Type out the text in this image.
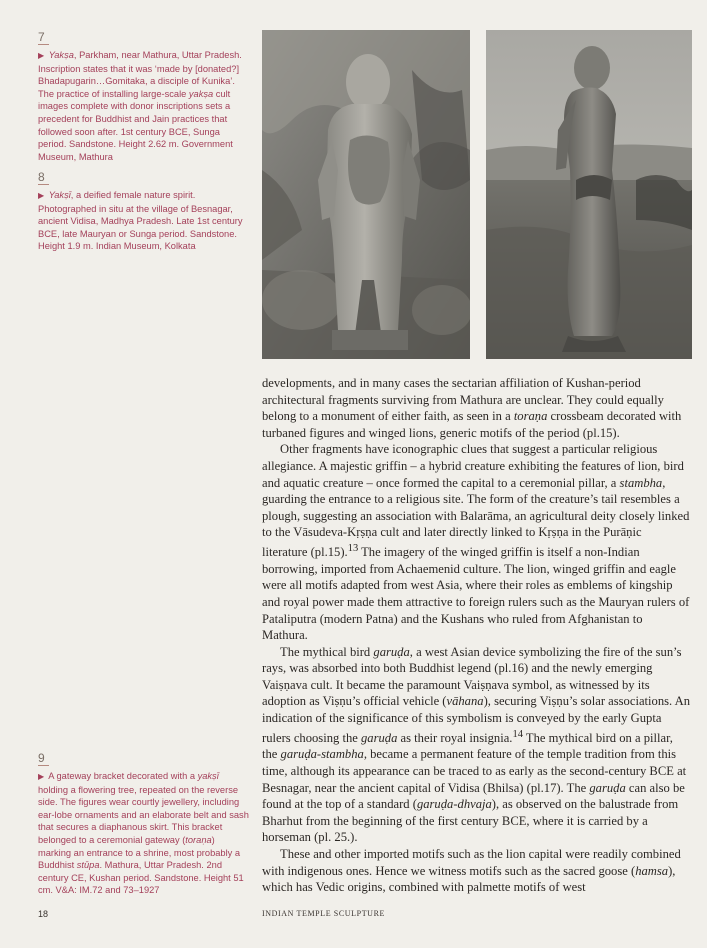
7
▶ Yakṣa, Parkham, near Mathura, Uttar Pradesh. Inscription states that it was ‘made by [donated?] Bhadapugarin…Gomitaka, a disciple of Kunika’. The practice of installing large-scale yakṣa cult images complete with donor inscriptions sets a precedent for Buddhist and Jain practices that followed soon after. 1st century BCE, Sunga period. Sandstone. Height 2.62 m. Government Museum, Mathura
8
▶ Yakṣī, a deified female nature spirit. Photographed in situ at the village of Besnagar, ancient Vidisa, Madhya Pradesh. Late 1st century BCE, late Mauryan or Sunga period. Sandstone. Height 1.9 m. Indian Museum, Kolkata
9
▶ A gateway bracket decorated with a yakṣī holding a flowering tree, repeated on the reverse side. The figures wear courtly jewellery, including ear-lobe ornaments and an elaborate belt and sash that secures a diaphanous skirt. This bracket belonged to a ceremonial gateway (toraṇa) marking an entrance to a shrine, most probably a Buddhist stūpa. Mathura, Uttar Pradesh. 2nd century CE, Kushan period. Sandstone. Height 51 cm. V&A: IM.72 and 73–1927

developments, and in many cases the sectarian affiliation of Kushan-period architectural fragments surviving from Mathura are unclear. They could equally belong to a monument of either faith, as seen in a toraṇa crossbeam decorated with turbaned figures and winged lions, generic motifs of the period (pl.15).

Other fragments have iconographic clues that suggest a particular religious allegiance. A majestic griffin – a hybrid creature exhibiting the features of lion, bird and aquatic creature – once formed the capital to a ceremonial pillar, a stambha, guarding the entrance to a religious site. The form of the creature’s tail resembles a plough, suggesting an association with Balarāma, an agricultural deity closely linked to the Vāsudeva-Kṛṣṇa cult and later directly linked to Kṛṣṇa in the Purāṇic literature (pl.15).$^{13}$ The imagery of the winged griffin is itself a non-Indian borrowing, imported from Achaemenid culture. The lion, winged griffin and eagle were all motifs adapted from west Asia, where their roles as emblems of kingship and royal power made them attractive to foreign rulers such as the Mauryan rulers of Pataliputra (modern Patna) and the Kushans who ruled from Afghanistan to Mathura.

The mythical bird garuḍa, a west Asian device symbolizing the fire of the sun’s rays, was absorbed into both Buddhist legend (pl.16) and the newly emerging Vaiṣṇava cult. It became the paramount Vaiṣṇava symbol, as witnessed by its adoption as Viṣṇu’s official vehicle (vāhana), securing Viṣṇu’s solar associations. An indication of the significance of this symbolism is conveyed by the early Gupta rulers choosing the garuḍa as their royal insignia.$^{14}$ The mythical bird on a pillar, the garuḍa-stambha, became a permanent feature of the temple tradition from this time, although its appearance can be traced to as early as the second-century BCE at Besnagar, near the ancient capital of Vidisa (Bhilsa) (pl.17). The garuḍa can also be found at the top of a standard (garuḍa-dhvaja), as observed on the balustrade from Bharhut from the beginning of the first century BCE, where it is carried by a horseman (pl. 25.).

These and other imported motifs such as the lion capital were readily combined with indigenous ones. Hence we witness motifs such as the sacred goose (hamsa), which has Vedic origins, combined with palmette motifs of west

18	INDIAN TEMPLE SCULPTURE
